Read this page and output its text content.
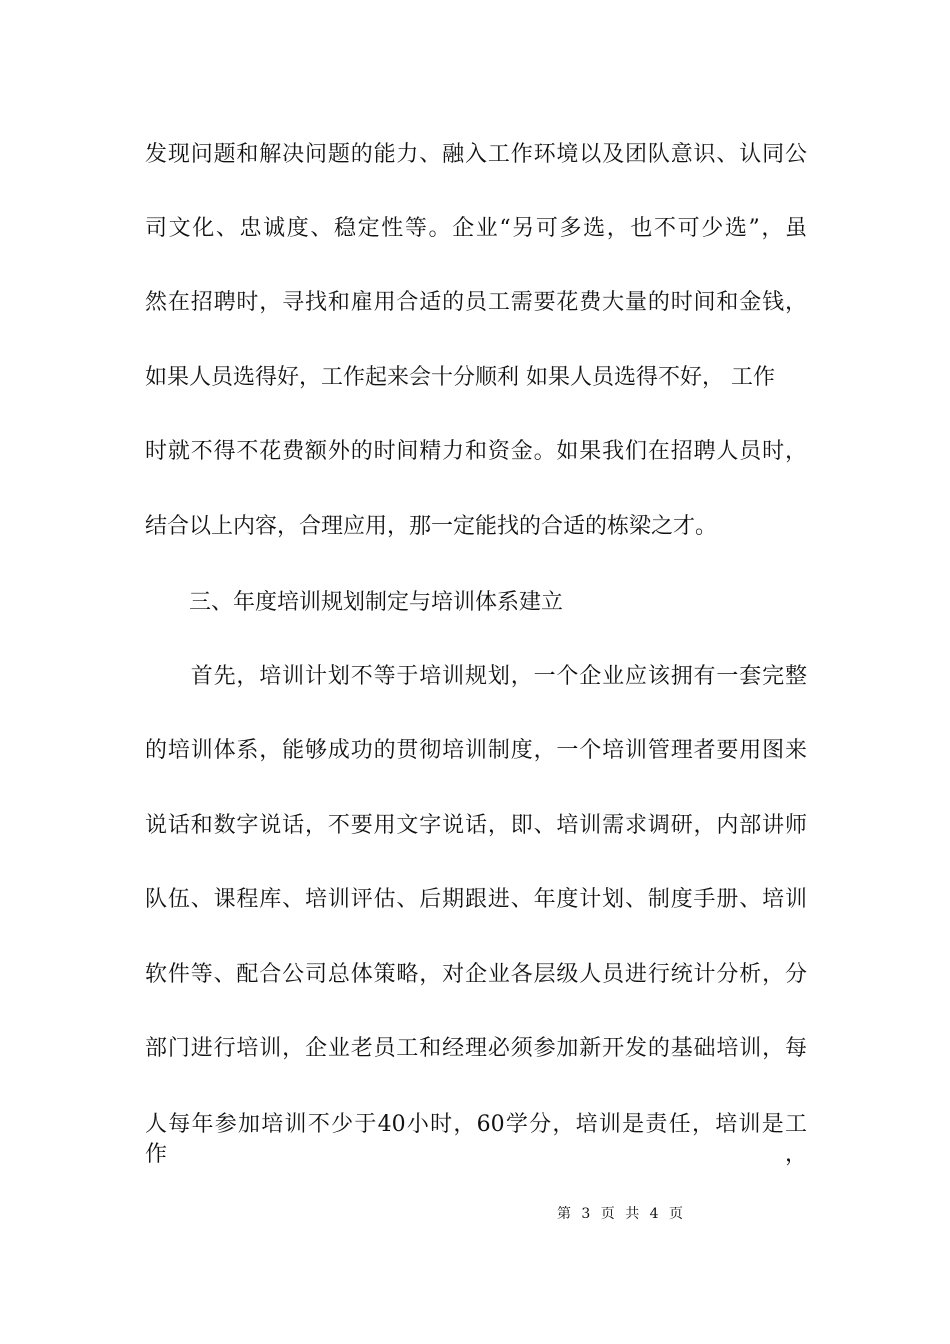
发现问题和解决问题的能力、融入工作环境以及团队意识、认同公

司文化、忠诚度、稳定性等。企业“另可多选，也不可少选”，虽

然在招聘时，寻找和雇用合适的员工需要花费大量的时间和金钱，

如果人员选得好，工作起来会十分顺利 如果人员选得不好， 工作

时就不得不花费额外的时间精力和资金。如果我们在招聘人员时，

结合以上内容，合理应用，那一定能找的合适的栋梁之才。

　　三、年度培训规划制定与培训体系建立

　　首先，培训计划不等于培训规划，一个企业应该拥有一套完整

的培训体系，能够成功的贯彻培训制度，一个培训管理者要用图来

说话和数字说话，不要用文字说话，即、培训需求调研，内部讲师

队伍、课程库、培训评估、后期跟进、年度计划、制度手册、培训

软件等、配合公司总体策略，对企业各层级人员进行统计分析，分

部门进行培训，企业老员工和经理必须参加新开发的基础培训，每

人每年参加培训不少于40小时，60学分，培训是责任，培训是工作，

第 3 页 共 4 页
